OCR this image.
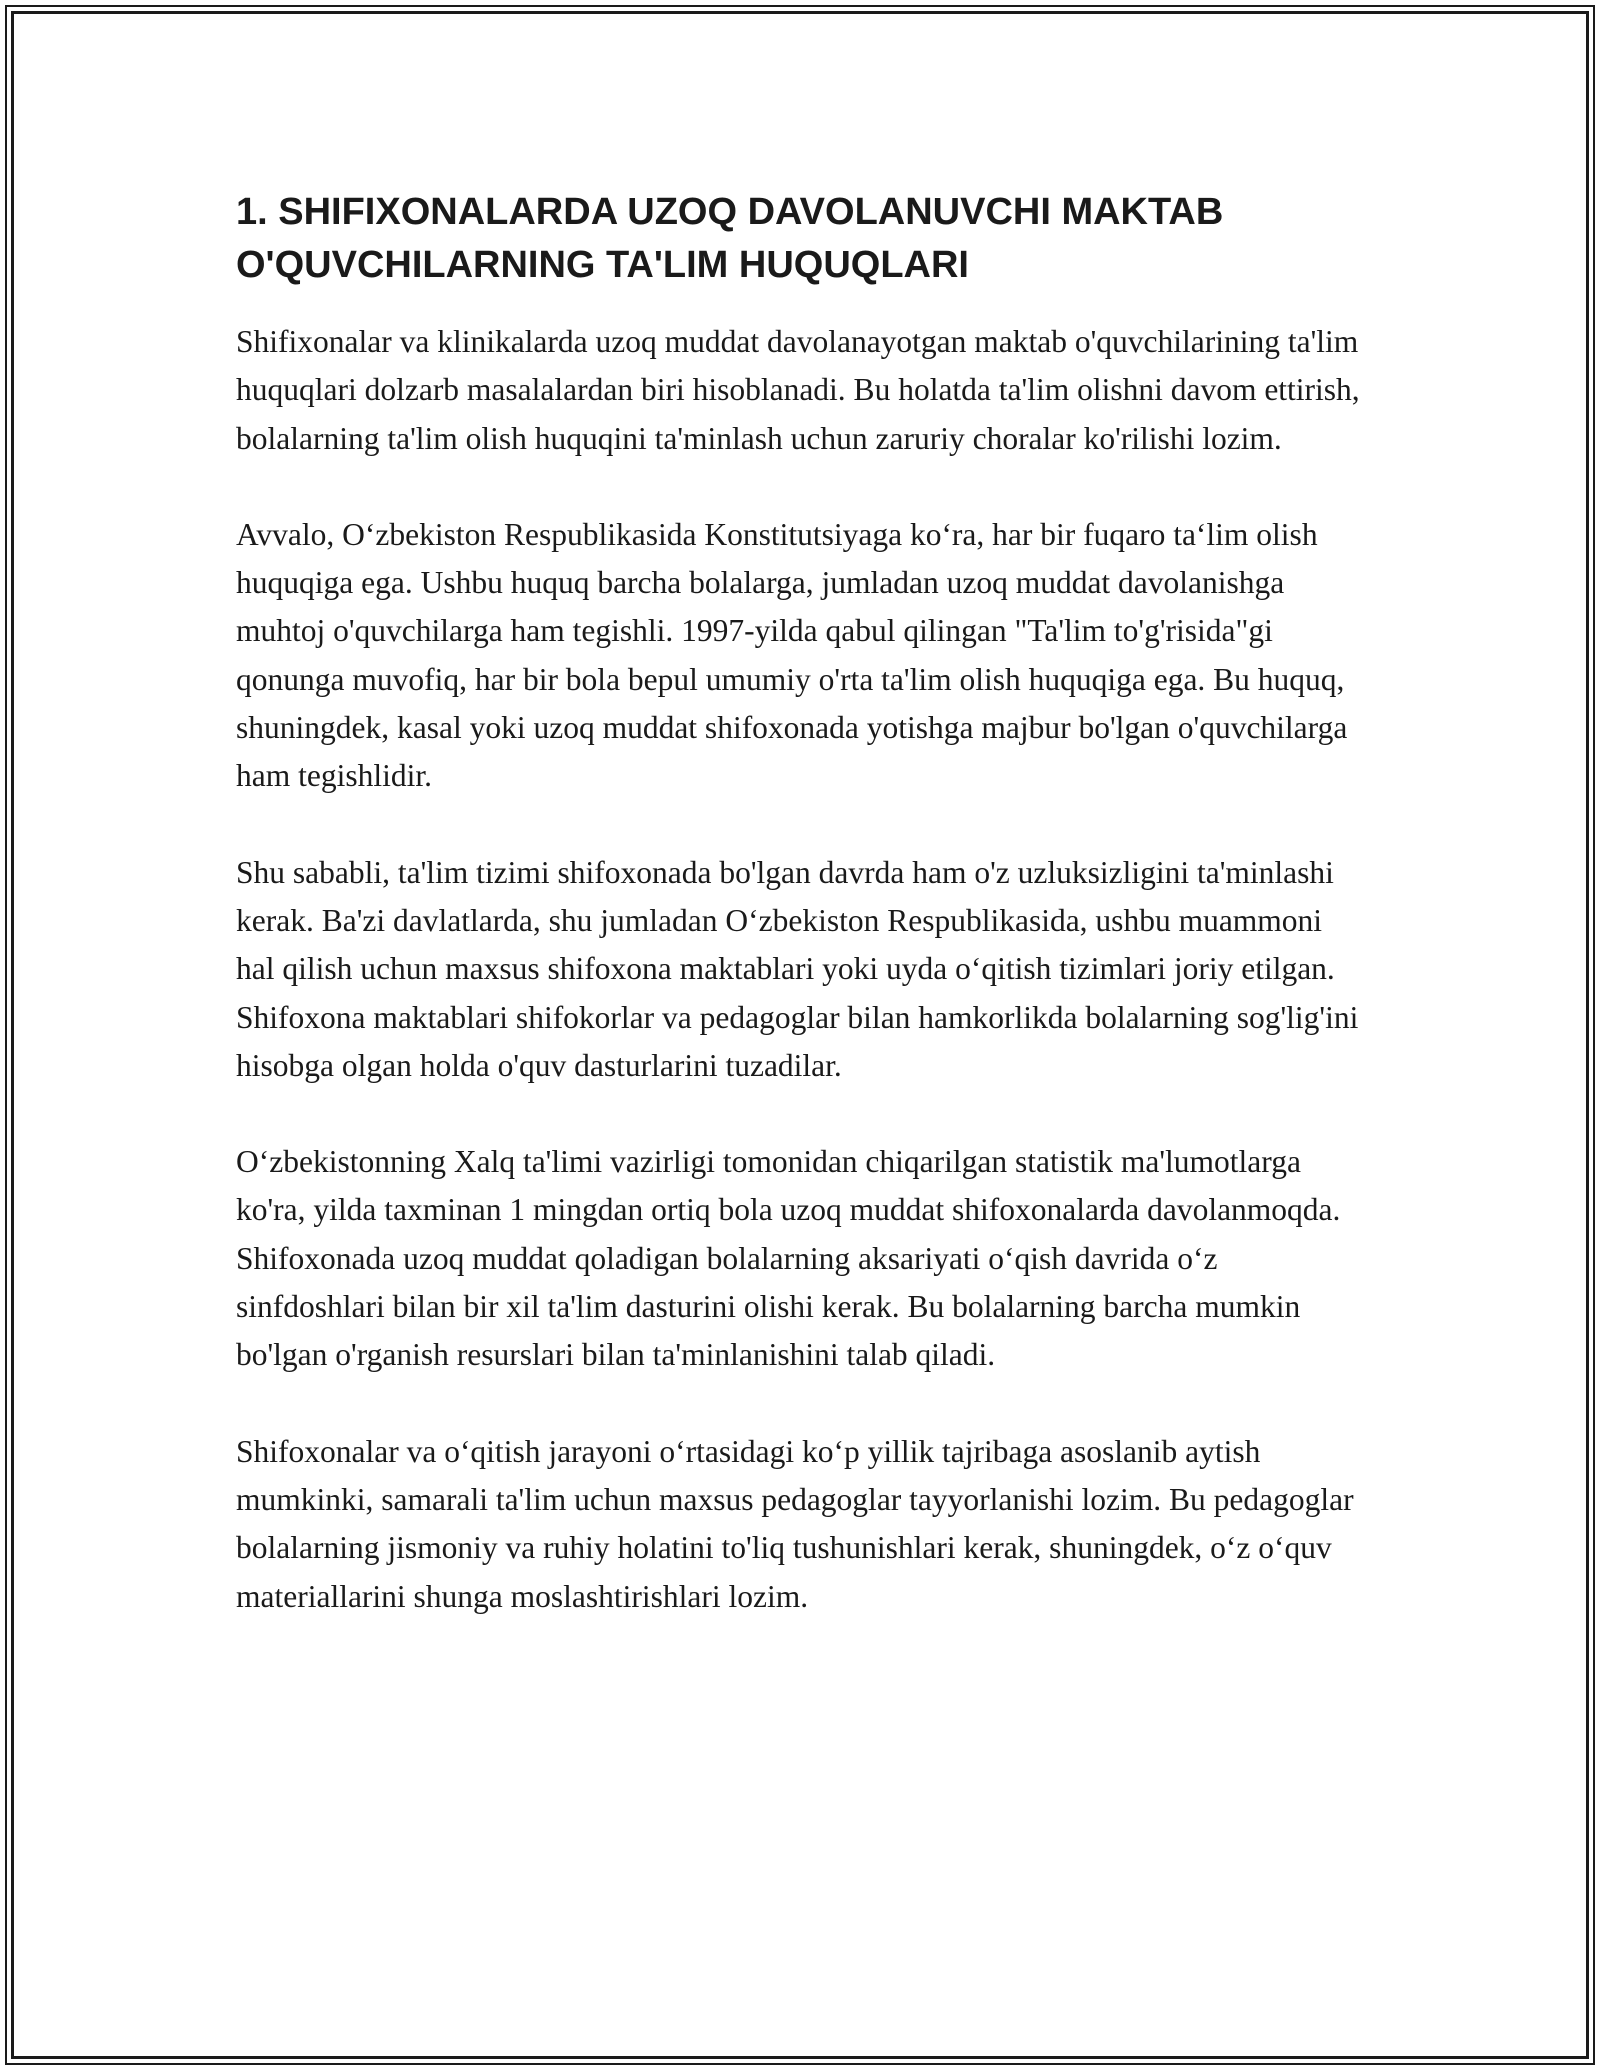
1. SHIFIXONALARDA UZOQ DAVOLANUVCHI MAKTAB O'QUVCHILARNING TA'LIM HUQUQLARI

Shifixonalar va klinikalarda uzoq muddat davolanayotgan maktab o'quvchilarining ta'lim huquqlari dolzarb masalalardan biri hisoblanadi. Bu holatda ta'lim olishni davom ettirish, bolalarning ta'lim olish huquqini ta'minlash uchun zaruriy choralar ko'rilishi lozim.

Avvalo, O‘zbekiston Respublikasida Konstitutsiyaga ko‘ra, har bir fuqaro ta‘lim olish huquqiga ega. Ushbu huquq barcha bolalarga, jumladan uzoq muddat davolanishga muhtoj o'quvchilarga ham tegishli. 1997-yilda qabul qilingan "Ta'lim to'g'risida"gi qonunga muvofiq, har bir bola bepul umumiy o'rta ta'lim olish huquqiga ega. Bu huquq, shuningdek, kasal yoki uzoq muddat shifoxonada yotishga majbur bo'lgan o'quvchilarga ham tegishlidir.

Shu sababli, ta'lim tizimi shifoxonada bo'lgan davrda ham o'z uzluksizligini ta'minlashi kerak. Ba'zi davlatlarda, shu jumladan O‘zbekiston Respublikasida, ushbu muammoni hal qilish uchun maxsus shifoxona maktablari yoki uyda o‘qitish tizimlari joriy etilgan. Shifoxona maktablari shifokorlar va pedagoglar bilan hamkorlikda bolalarning sog'lig'ini hisobga olgan holda o'quv dasturlarini tuzadilar.

O‘zbekistonning Xalq ta'limi vazirligi tomonidan chiqarilgan statistik ma'lumotlarga ko'ra, yilda taxminan 1 mingdan ortiq bola uzoq muddat shifoxonalarda davolanmoqda. Shifoxonada uzoq muddat qoladigan bolalarning aksariyati o‘qish davrida o‘z sinfdoshlari bilan bir xil ta'lim dasturini olishi kerak. Bu bolalarning barcha mumkin bo'lgan o'rganish resurslari bilan ta'minlanishini talab qiladi.

Shifoxonalar va o‘qitish jarayoni o‘rtasidagi ko‘p yillik tajribaga asoslanib aytish mumkinki, samarali ta'lim uchun maxsus pedagoglar tayyorlanishi lozim. Bu pedagoglar bolalarning jismoniy va ruhiy holatini to'liq tushunishlari kerak, shuningdek, o‘z o‘quv materiallarini shunga moslashtirishlari lozim.
